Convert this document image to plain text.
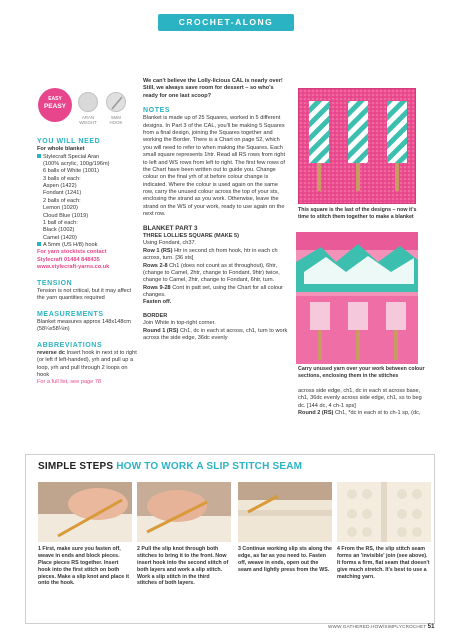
CROCHET-ALONG
EASY
PEASY
ARAN
WEIGHT
5MM
HOOK
YOU WILL NEED
For whole blanket
Stylecraft Special Aran
(100% acrylic, 100g/196m)
6 balls of White (1001)
3 balls of each:
Aspen (1422)
Fondant (1241)
2 balls of each:
Lemon (1020)
Cloud Blue (1019)
1 ball of each:
Black (1002)
Camel (1420)
A 5mm (US H/8) hook
For yarn stockists contact
Stylecraft 01484 848435
www.stylecraft-yarns.co.uk
TENSION
Tension is not critical, but it may affect the yarn quantities required
MEASUREMENTS
Blanket measures approx 148x148cm (58¼x58¼in)
ABBREVIATIONS
reverse dc Insert hook in next st to right (or left if left-handed), yrh and pull up a loop, yrh and pull through 2 loops on hook
For a full list, see page 78
We can't believe the Lolly-licious CAL is nearly over! Still, we always save room for dessert – so who's ready for one last scoop?
NOTES
Blanket is made up of 25 Squares, worked in 5 different designs. In Part 3 of the CAL, you'll be making 5 Squares from a final design, joining the Squares together and working the Border. There is a Chart on page 52, which you will need to refer to when making the Squares. Each small square represents 1htr. Read all RS rows from right to left and WS rows from left to right. The first few rows of the Chart have been written out to guide you. Change colour on the final yrh of st before colour change is indicated. Where the colour is used again on the same row, carry the unused colour across the top of your sts, enclosing the strand as you work. Otherwise, leave the strand on the WS of your work, ready to use again on the next row.
BLANKET PART 3
THREE LOLLIES SQUARE (MAKE 5)
Using Fondant, ch37.
Row 1 (RS) Htr in second ch from hook, htr in each ch across, turn. [36 sts]
Rows 2-8 Ch1 (does not count as st throughout), 6htr, (change to Camel, 2htr, change to Fondant, 9htr) twice, change to Camel, 2htr, change to Fondant, 6htr, turn.
Rows 9-28 Cont in patt set, using the Chart for all colour changes.
Fasten off.
BORDER
Join White in top-right corner.
Round 1 (RS) Ch1, dc in each st across, ch1, turn to work across the side edge, 36dc evenly
This square is the last of the designs – now it's time to stitch them together to make a blanket
Carry unused yarn over your work between colour sections, enclosing them in the stitches
across side edge, ch1, dc in each st across base, ch1, 36dc evenly across side edge, ch1, ss to beg dc. [144 dc, 4 ch-1 sps]
Round 2 (RS) Ch1, *dc in each st to ch-1 sp, (dc,
SIMPLE STEPS HOW TO WORK A SLIP STITCH SEAM
1 First, make sure you fasten off, weave in ends and block pieces. Place pieces RS together. Insert hook into the first stitch on both pieces. Make a slip knot and place it onto the hook.
2 Pull the slip knot through both stitches to bring it to the front. Now insert hook into the second stitch of both layers and work a slip stitch. Work a slip stitch in the third stitches of both layers.
3 Continue working slip sts along the edge, as far as you need to. Fasten off, weave in ends, open out the seam and lightly press from the WS.
4 From the RS, the slip stitch seam forms an 'invisible' join (see above). It forms a firm, flat seam that doesn't give much stretch. It's best to use a matching yarn.
WWW.GATHERED.HOW/SIMPLYCROCHET 51
